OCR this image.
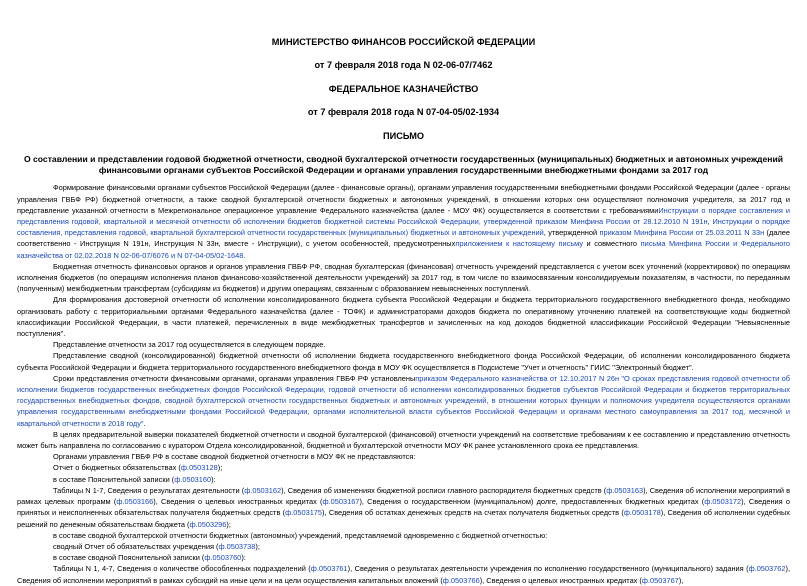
МИНИСТЕРСТВО ФИНАНСОВ РОССИЙСКОЙ ФЕДЕРАЦИИ
от 7 февраля 2018 года N 02-06-07/7462
ФЕДЕРАЛЬНОЕ КАЗНАЧЕЙСТВО
от 7 февраля 2018 года N 07-04-05/02-1934
ПИСЬМО
О составлении и представлении годовой бюджетной отчетности, сводной бухгалтерской отчетности государственных (муниципальных) бюджетных и автономных учреждений финансовыми органами субъектов Российской Федерации и органами управления государственными внебюджетными фондами за 2017 год

Формирование финансовыми органами субъектов Российской Федерации (далее - финансовые органы), органами управления государственными внебюджетными фондами Российской Федерации (далее - органы управления ГВБФ РФ) бюджетной отчетности, а также сводной бухгалтерской отчетности бюджетных и автономных учреждений, в отношении которых они осуществляют полномочия учредителя, за 2017 год и представление указанной отчетности в Межрегиональное операционное управление Федерального казначейства (далее - МОУ ФК) осуществляется в соответствии с требованиямиИнструкции о порядке составления и представления годовой, квартальной и месячной отчетности об исполнении бюджетов бюджетной системы Российской Федерации, утвержденной приказом Минфина России от 28.12.2010 N 191н, Инструкции о порядке составления, представления годовой, квартальной бухгалтерской отчетности государственных (муниципальных) бюджетных и автономных учреждений, утвержденной приказом Минфина России от 25.03.2011 N 33н (далее соответственно - Инструкция N 191н, Инструкция N 33н, вместе - Инструкции), с учетом особенностей, предусмотренныхприложением к настоящему письму и совместного письма Минфина России и Федерального казначейства от 02.02.2018 N 02-06-07/6076 и N 07-04-05/02-1648.

Бюджетная отчетность финансовых органов и органов управления ГВБФ РФ, сводная бухгалтерская (финансовая) отчетность учреждений представляется с учетом всех уточнений (корректировок) по операциям исполнения бюджетов (по операциям исполнения планов финансово-хозяйственной деятельности учреждений) за 2017 год, в том числе по взаимосвязанным консолидируемым показателям, в частности, по переданным (полученным) межбюджетным трансфертам (субсидиям из бюджетов) и другим операциям, связанным с образованием невыясненных поступлений.

Для формирования достоверной отчетности об исполнении консолидированного бюджета субъекта Российской Федерации и бюджета территориального государственного внебюджетного фонда, необходимо организовать работу с территориальными органами Федерального казначейства (далее - ТОФК) и администраторами доходов бюджета по оперативному уточнению платежей на соответствующие коды бюджетной классификации Российской Федерации, в части платежей, перечисленных в виде межбюджетных трансфертов и зачисленных на код доходов бюджетной классификации Российской Федерации "Невыясненные поступления".

Представление отчетности за 2017 год осуществляется в следующем порядке.

Представление сводной (консолидированной) бюджетной отчетности об исполнении бюджета государственного внебюджетного фонда Российской Федерации, об исполнении консолидированного бюджета субъекта Российской Федерации и бюджета территориального государственного внебюджетного фонда в МОУ ФК осуществляется в Подсистеме "Учет и отчетность" ГИИС "Электронный бюджет".

Сроки представления отчетности финансовыми органами, органами управления ГВБФ РФ установленыприказом Федерального казначейства от 12.10.2017 N 26н "О сроках представления годовой отчетности об исполнении бюджетов государственных внебюджетных фондов Российской Федерации, годовой отчетности об исполнении консолидированных бюджетов субъектов Российской Федерации и бюджетов территориальных государственных внебюджетных фондов, сводной бухгалтерской отчетности государственных бюджетных и автономных учреждений, в отношении которых функции и полномочия учредителя осуществляются органами управления государственными внебюджетными фондами Российской Федерации, органами исполнительной власти субъектов Российской Федерации и органами местного самоуправления за 2017 год, месячной и квартальной отчетности в 2018 году".

В целях предварительной выверки показателей бюджетной отчетности и сводной бухгалтерской (финансовой) отчетности учреждений на соответствие требованиям к ее составлению и представлению отчетность может быть направлена по согласованию с куратором Отдела консолидированной, бюджетной и бухгалтерской отчетности МОУ ФК ранее установленного срока ее представления.

Органами управления ГВБФ РФ в составе сводной бюджетной отчетности в МОУ ФК не представляются:

Отчет о бюджетных обязательствах (ф.0503128);

в составе Пояснительной записки (ф.0503160):

Таблицы N 1-7, Сведения о результатах деятельности (ф.0503162), Сведения об изменениях бюджетной росписи главного распорядителя бюджетных средств (ф.0503163), Сведения об исполнении мероприятий в рамках целевых программ (ф.0503166), Сведения о целевых иностранных кредитах (ф.0503167), Сведения о государственном (муниципальном) долге, предоставленных бюджетных кредитах (ф.0503172), Сведения о принятых и неисполненных обязательствах получателя бюджетных средств (ф.0503175), Сведения об остатках денежных средств на счетах получателя бюджетных средств (ф.0503178), Сведения об исполнении судебных решений по денежным обязательствам бюджета (ф.0503296);

в составе сводной бухгалтерской отчетности бюджетных (автономных) учреждений, представляемой одновременно с бюджетной отчетностью:

сводный Отчет об обязательствах учреждения (ф.0503738);

в составе сводной Пояснительной записки (ф.0503760):

Таблицы N 1, 4-7, Сведения о количестве обособленных подразделений (ф.0503761), Сведения о результатах деятельности учреждения по исполнению государственного (муниципального) задания (ф.0503762), Сведения об исполнении мероприятий в рамках субсидий на иные цели и на цели осуществления капитальных вложений (ф.0503766), Сведения о целевых иностранных кредитах (ф.0503767),
